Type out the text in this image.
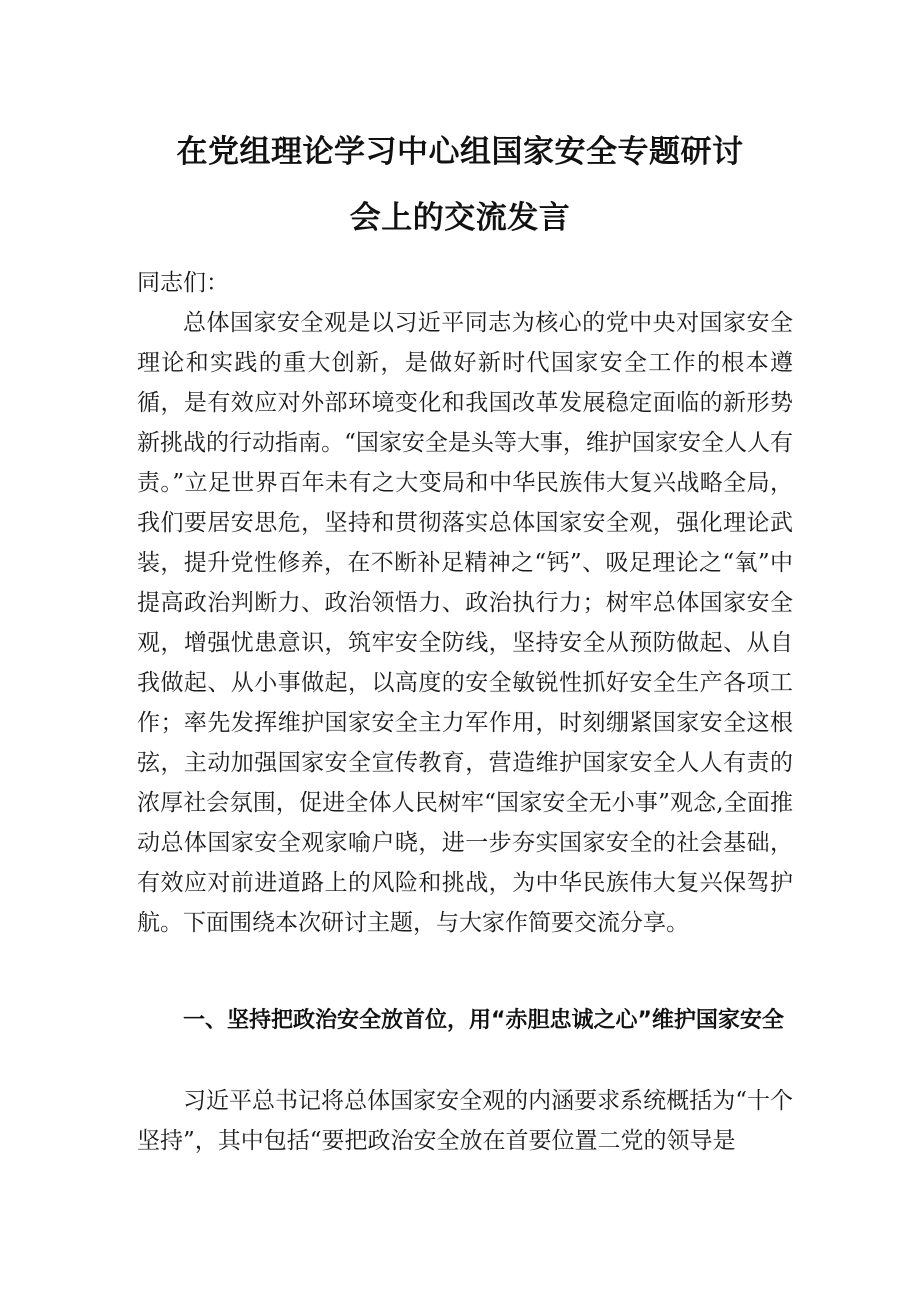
在党组理论学习中心组国家安全专题研讨
会上的交流发言
同志们：
总体国家安全观是以习近平同志为核心的党中央对国家安全理论和实践的重大创新，是做好新时代国家安全工作的根本遵循，是有效应对外部环境变化和我国改革发展稳定面临的新形势新挑战的行动指南。“国家安全是头等大事，维护国家安全人人有责。”立足世界百年未有之大变局和中华民族伟大复兴战略全局，我们要居安思危，坚持和贯彻落实总体国家安全观，强化理论武装，提升党性修养，在不断补足精神之“钙”、吸足理论之“氧”中提高政治判断力、政治领悟力、政治执行力；树牢总体国家安全观，增强忧患意识，筑牢安全防线，坚持安全从预防做起、从自我做起、从小事做起，以高度的安全敏锐性抓好安全生产各项工作；率先发挥维护国家安全主力军作用，时刻绷紧国家安全这根弦，主动加强国家安全宣传教育，营造维护国家安全人人有责的浓厚社会氛围，促进全体人民树牢“国家安全无小事”观念,全面推动总体国家安全观家喻户晓，进一步夯实国家安全的社会基础，有效应对前进道路上的风险和挑战，为中华民族伟大复兴保驾护航。下面围绕本次研讨主题，与大家作简要交流分享。
一、坚持把政治安全放首位，用“赤胆忠诚之心”维护国家安全
习近平总书记将总体国家安全观的内涵要求系统概括为“十个坚持”，其中包括“要把政治安全放在首要位置二党的领导是
